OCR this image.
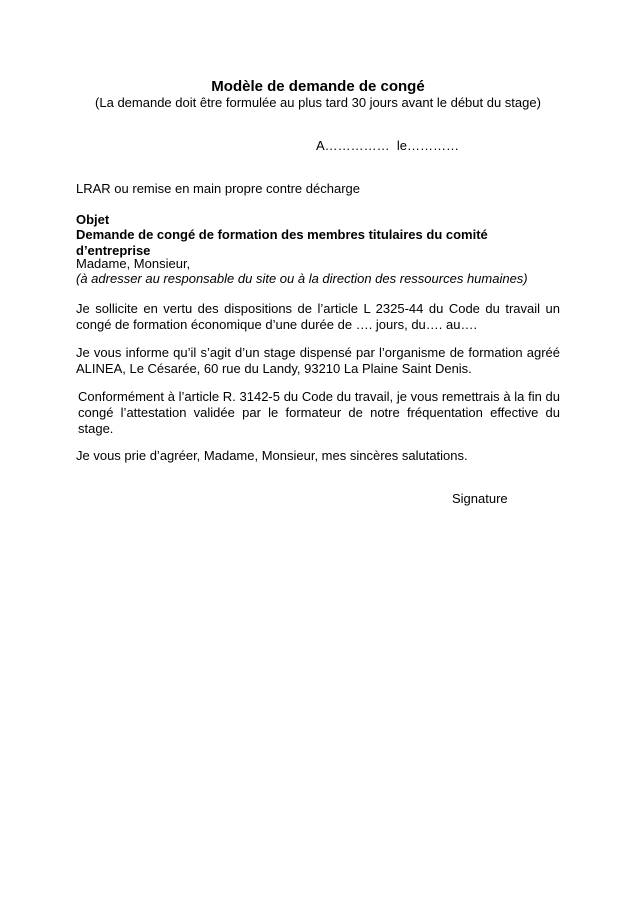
Modèle de demande de congé
(La demande doit être formulée au plus tard 30 jours avant le début du stage)
A……………  le…………
LRAR ou remise en main propre contre décharge
Objet
Demande de congé de formation des membres titulaires du comité d’entreprise
Madame, Monsieur,
(à adresser au responsable du site ou à la direction des ressources humaines)
Je sollicite en vertu des dispositions de l’article L 2325-44 du Code du travail un congé de formation économique d’une durée de …. jours, du…. au….
Je vous informe qu’il s’agit d’un stage dispensé par l’organisme de formation agréé ALINEA, Le Césarée, 60 rue du Landy, 93210 La Plaine Saint Denis.
Conformément à l’article R. 3142-5 du Code du travail, je vous remettrais à la fin du congé l’attestation validée par le formateur de notre fréquentation effective du stage.
Je vous prie d’agréer, Madame, Monsieur, mes sincères salutations.
Signature
